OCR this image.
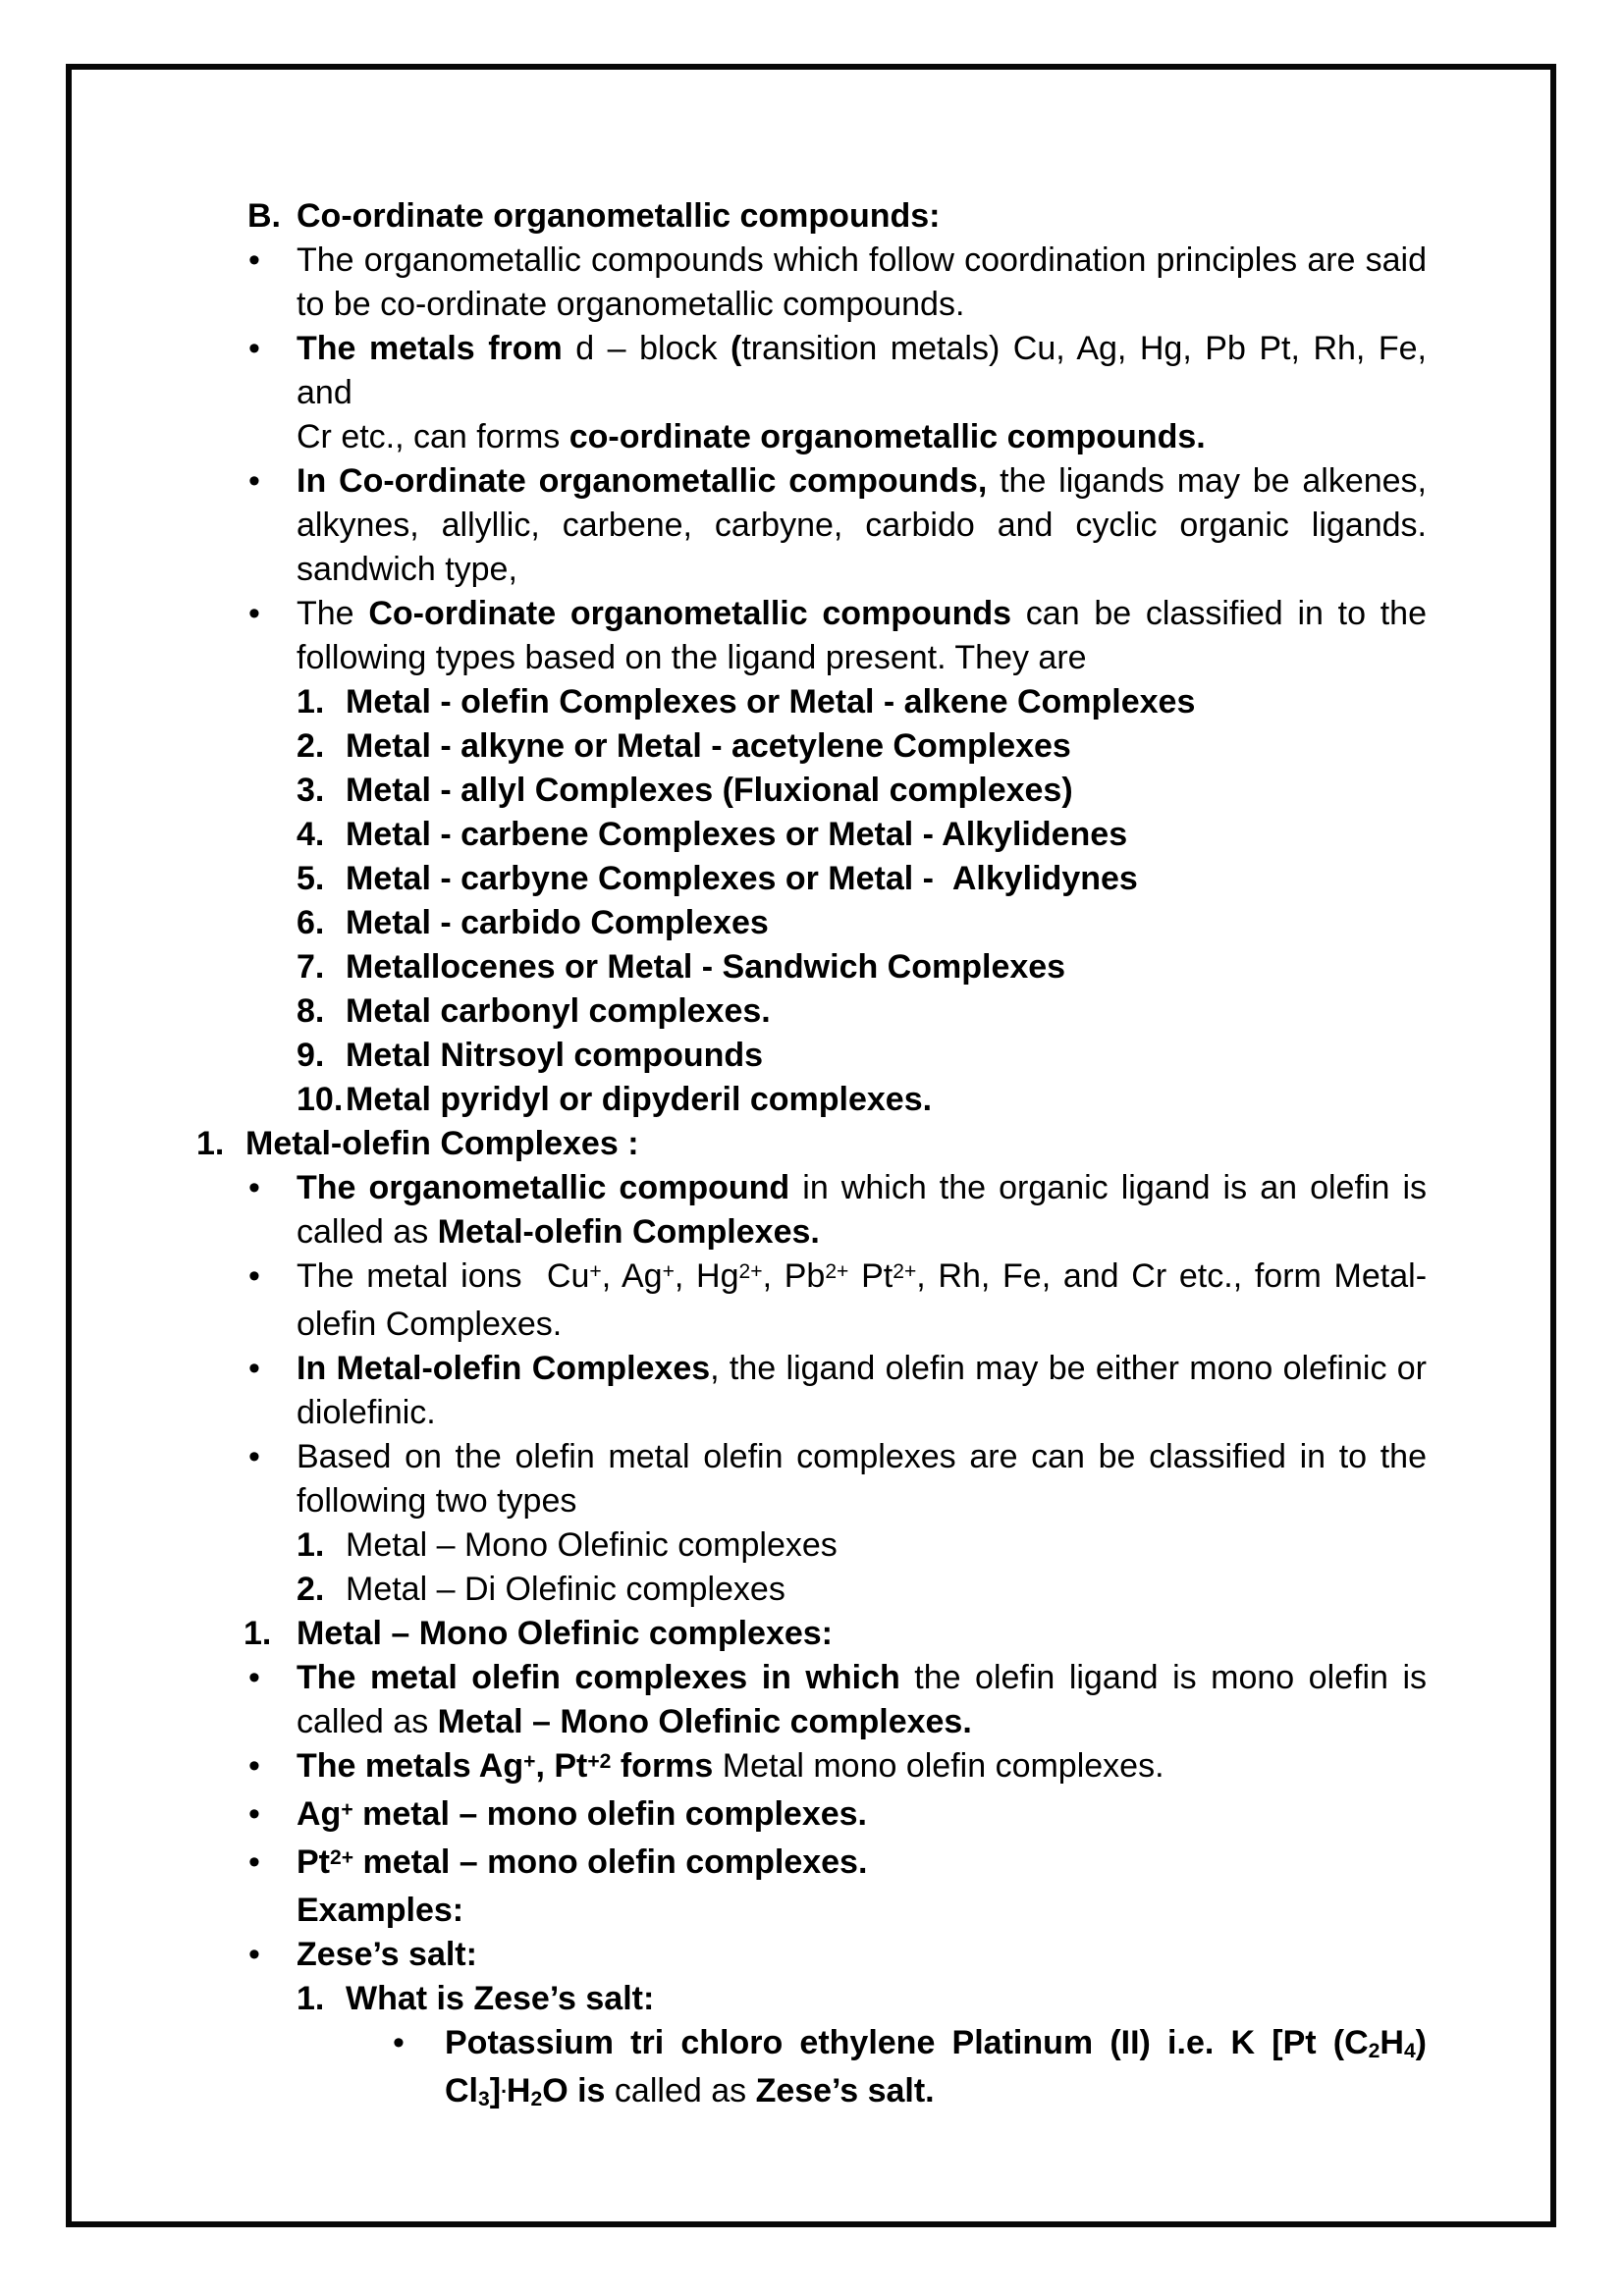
B. Co-ordinate organometallic compounds:
• The organometallic compounds which follow coordination principles are said
to be co-ordinate organometallic compounds.
• The metals from d – block (transition metals) Cu, Ag, Hg, Pb Pt, Rh, Fe, and
Cr etc., can forms co-ordinate organometallic compounds.
• In Co-ordinate organometallic compounds, the ligands may be alkenes,
alkynes, allyllic, carbene, carbyne, carbido and cyclic organic ligands.
sandwich type,
• The Co-ordinate organometallic compounds can be classified in to the
following types based on the ligand present. They are
1. Metal - olefin Complexes or Metal - alkene Complexes
2. Metal - alkyne or Metal - acetylene Complexes
3. Metal - allyl Complexes (Fluxional complexes)
4. Metal - carbene Complexes or Metal - Alkylidenes
5. Metal - carbyne Complexes or Metal -  Alkylidynes
6. Metal - carbido Complexes
7. Metallocenes or Metal - Sandwich Complexes
8. Metal carbonyl complexes.
9. Metal Nitrsoyl compounds
10. Metal pyridyl or dipyderil complexes.
1. Metal-olefin Complexes :
• The organometallic compound in which the organic ligand is an olefin is
called as Metal-olefin Complexes.
• The metal ions  Cu+, Ag+, $Hg^{2+}$, $Pb^{2+}$ $Pt^{2+}$, Rh, Fe, and Cr etc., form Metal-
olefin Complexes.
• In Metal-olefin Complexes, the ligand olefin may be either mono olefinic or
diolefinic.
• Based on the olefin metal olefin complexes are can be classified in to the
following two types
1. Metal – Mono Olefinic complexes
2. Metal – Di Olefinic complexes
1. Metal – Mono Olefinic complexes:
• The metal olefin complexes in which the olefin ligand is mono olefin is
called as Metal – Mono Olefinic complexes.
• The metals Ag+, $Pt^{+2}$ forms Metal mono olefin complexes.
• Ag+ metal – mono olefin complexes.
• $Pt^{2+}$ metal – mono olefin complexes.
Examples:
• Zese’s salt:
1. What is Zese’s salt:
• Potassium tri chloro ethylene Platinum (II) i.e. K [Pt (C2H4)
Cl3].H2O is called as Zese’s salt.
